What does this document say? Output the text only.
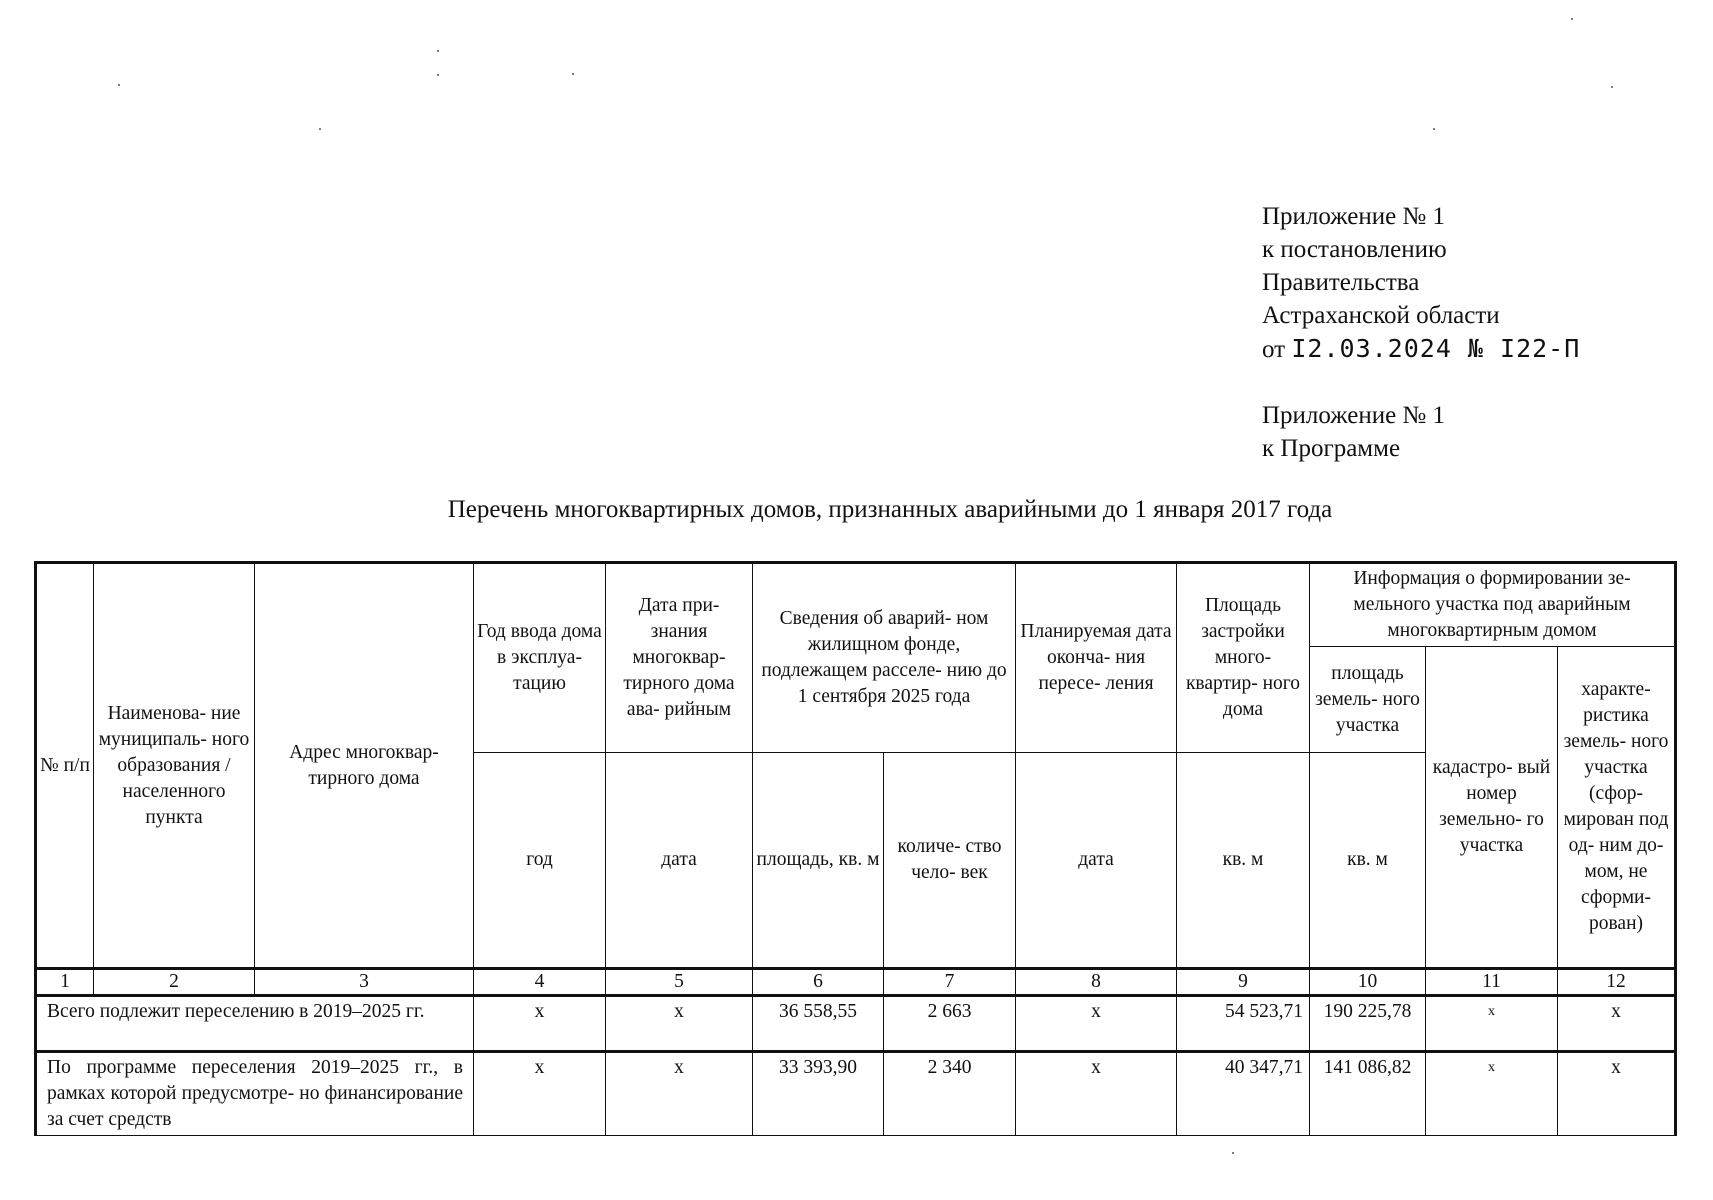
Приложение № 1
к постановлению
Правительства
Астраханской области
от I2.03.2024 № I22-П
Приложение № 1
к Программе
Перечень многоквартирных домов, признанных аварийными до 1 января 2017 года
№ п/п	Наименова- ние муниципаль- ного образования / населенного пункта	Адрес многоквар- тирного дома	Год ввода дома в эксплуа- тацию	Дата при- знания многоквар- тирного дома ава- рийным	Сведения об аварий- ном жилищном фонде, подлежащем расселе- нию до 1 сентября 2025 года		Планируемая дата оконча- ния пересе- ления	Площадь застройки много- квартир- ного дома	Информация о формировании зе- мельного участка под аварийным многоквартирным домом		
									площадь земель- ного участка	кадастро- вый номер земельно- го участка	характе- ристика земель- ного участка (сфор- мирован под од- ним до- мом, не сформи- рован)
			год	дата	площадь, кв. м	количе- ство чело- век	дата	кв. м	кв. м		
1	2	3	4	5	6	7	8	9	10	11	12
Всего подлежит переселению в 2019–2025 гг.			x	x	36 558,55	2 663	x	54 523,71	190 225,78	x	x
По программе переселения 2019–2025 гг., в рамках которой предусмотре- но финансирование за счет средств			x	x	33 393,90	2 340	x	40 347,71	141 086,82	x	x
